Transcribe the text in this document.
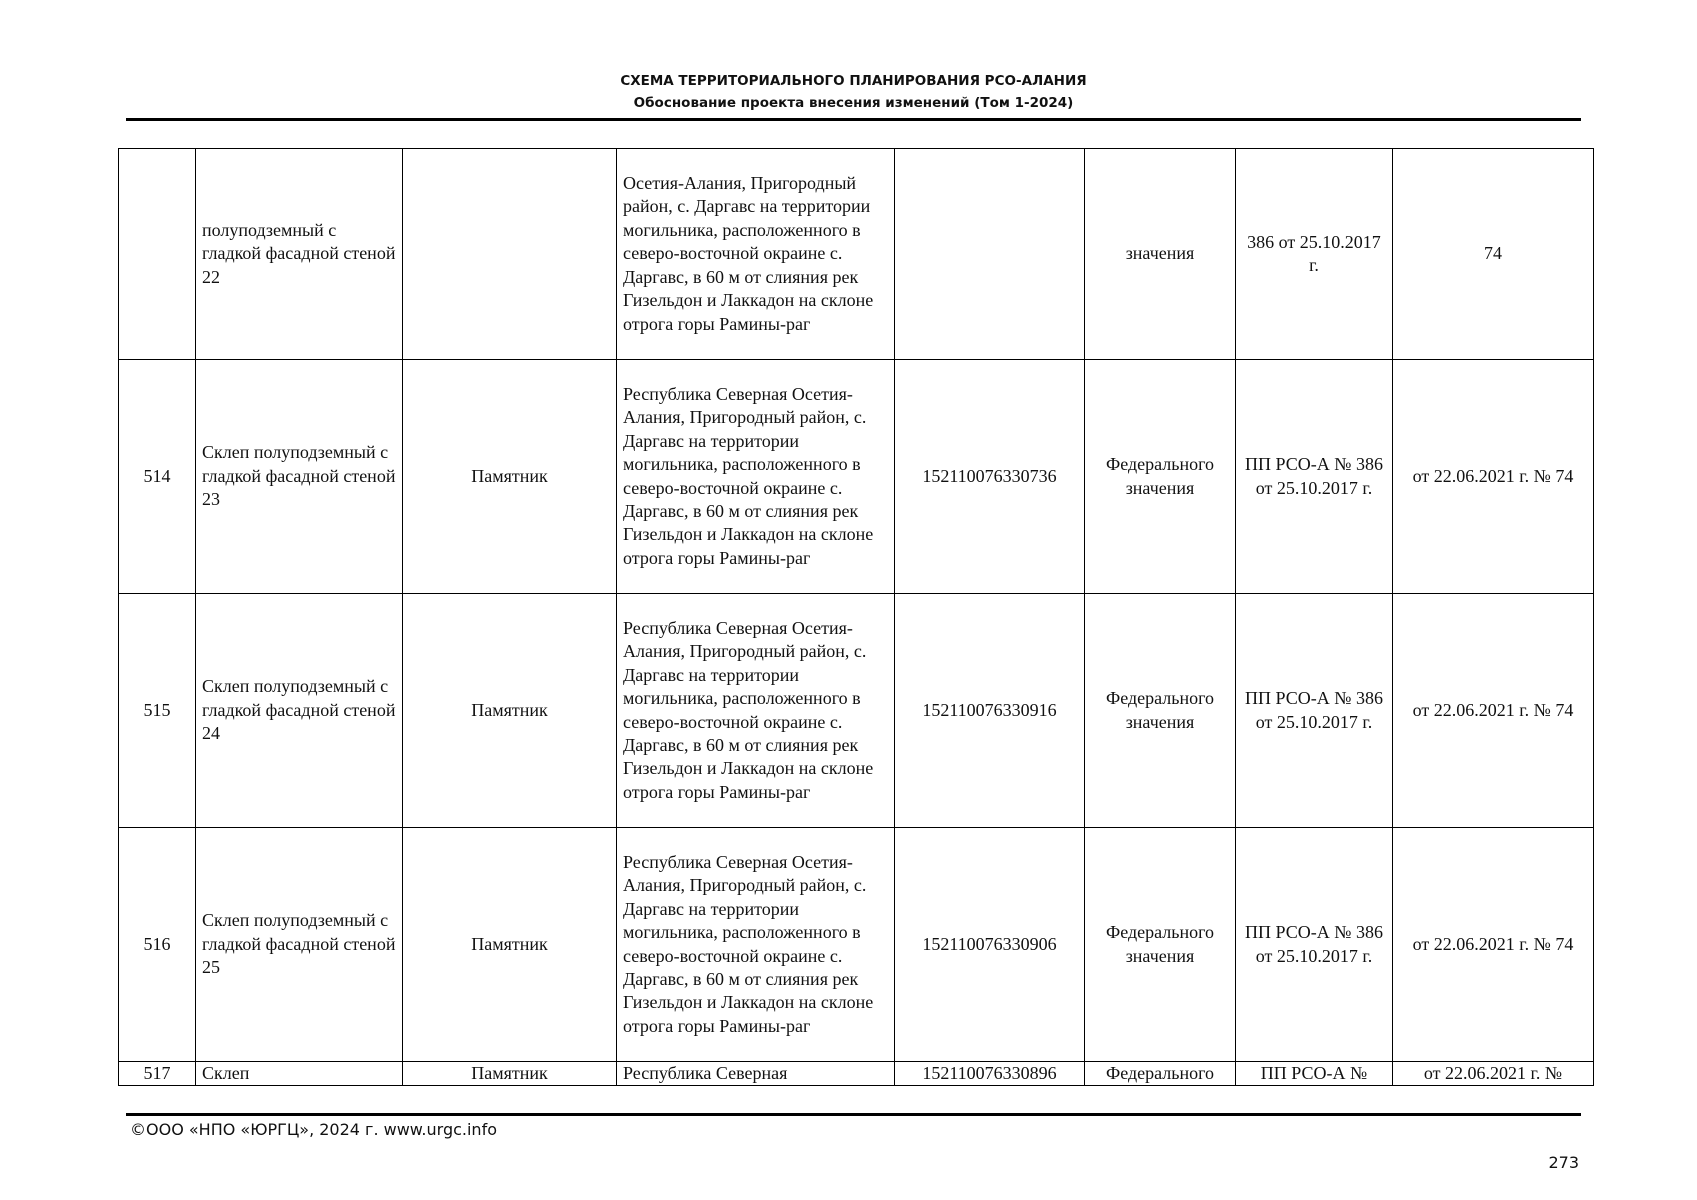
СХЕМА ТЕРРИТОРИАЛЬНОГО ПЛАНИРОВАНИЯ РСО-АЛАНИЯ
Обоснование проекта внесения изменений (Том 1-2024)
	полуподземный с гладкой фасадной стеной 22		Осетия-Алания, Пригородный район, с. Даргавс на территории могильника, расположенного в северо-восточной окраине с. Даргавс, в 60 м от слияния рек Гизельдон и Лаккадон на склоне отрога горы Рамины-раг		значения	386 от 25.10.2017 г.	74
514	Склеп полуподземный с гладкой фасадной стеной 23	Памятник	Республика Северная Осетия-Алания, Пригородный район, с. Даргавс на территории могильника, расположенного в северо-восточной окраине с. Даргавс, в 60 м от слияния рек Гизельдон и Лаккадон на склоне отрога горы Рамины-раг	152110076330736	Федерального значения	ПП РСО-А № 386 от 25.10.2017 г.	от 22.06.2021 г. № 74
515	Склеп полуподземный с гладкой фасадной стеной 24	Памятник	Республика Северная Осетия-Алания, Пригородный район, с. Даргавс на территории могильника, расположенного в северо-восточной окраине с. Даргавс, в 60 м от слияния рек Гизельдон и Лаккадон на склоне отрога горы Рамины-раг	152110076330916	Федерального значения	ПП РСО-А № 386 от 25.10.2017 г.	от 22.06.2021 г. № 74
516	Склеп полуподземный с гладкой фасадной стеной 25	Памятник	Республика Северная Осетия-Алания, Пригородный район, с. Даргавс на территории могильника, расположенного в северо-восточной окраине с. Даргавс, в 60 м от слияния рек Гизельдон и Лаккадон на склоне отрога горы Рамины-раг	152110076330906	Федерального значения	ПП РСО-А № 386 от 25.10.2017 г.	от 22.06.2021 г. № 74
517	Склеп	Памятник	Республика Северная	152110076330896	Федерального	ПП РСО-А №	от 22.06.2021 г. №
©ООО «НПО «ЮРГЦ», 2024 г. www.urgc.info
273
